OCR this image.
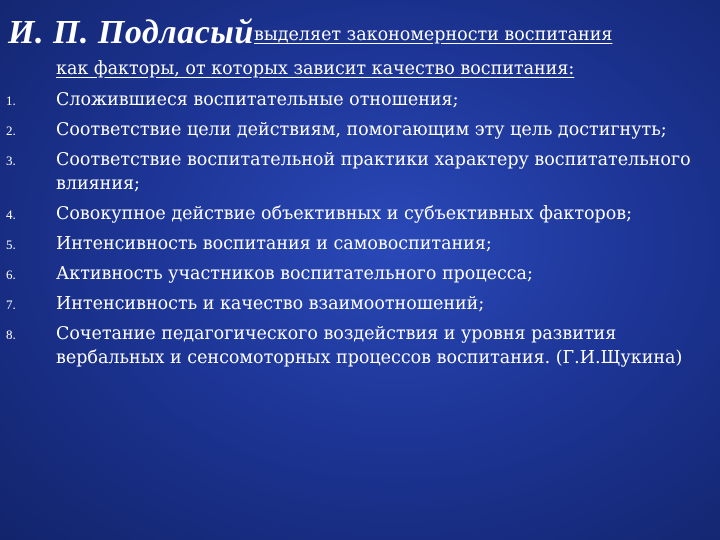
И. П. Подласый выделяет закономерности воспитания
как факторы, от которых зависит качество воспитания:
1. Сложившиеся воспитательные отношения;
2. Соответствие цели действиям, помогающим эту цель достигнуть;
3. Соответствие воспитательной практики характеру воспитательного влияния;
4. Совокупное действие объективных и субъективных факторов;
5. Интенсивность воспитания и самовоспитания;
6. Активность участников воспитательного процесса;
7. Интенсивность и качество взаимоотношений;
8. Сочетание педагогического воздействия и уровня развития вербальных и сенсомоторных процессов воспитания. (Г.И.Щукина)
